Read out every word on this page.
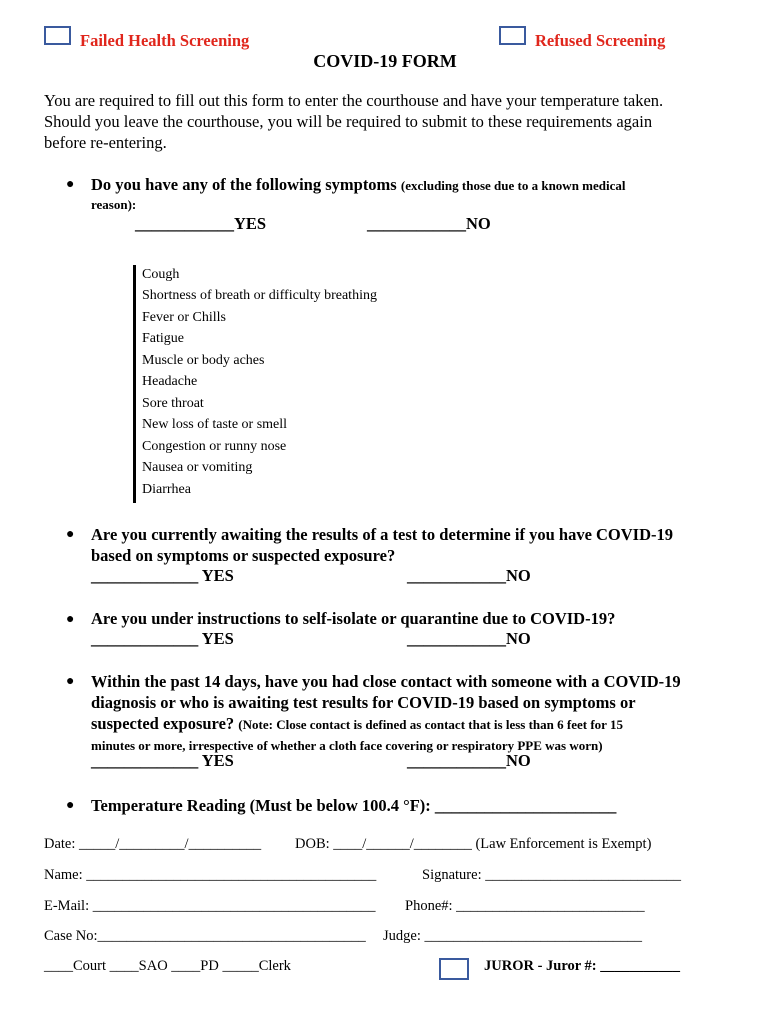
Failed Health Screening	Refused Screening
COVID-19 FORM
You are required to fill out this form to enter the courthouse and have your temperature taken.
Should you leave the courthouse, you will be required to submit to these requirements again
before re-entering.
● Do you have any of the following symptoms (excluding those due to a known medical
reason):
____________YES	____________NO
Cough
Shortness of breath or difficulty breathing
Fever or Chills
Fatigue
Muscle or body aches
Headache
Sore throat
New loss of taste or smell
Congestion or runny nose
Nausea or vomiting
Diarrhea
● Are you currently awaiting the results of a test to determine if you have COVID-19
based on symptoms or suspected exposure?
_____________ YES	____________NO
● Are you under instructions to self-isolate or quarantine due to COVID-19?
_____________ YES	____________NO
● Within the past 14 days, have you had close contact with someone with a COVID-19
diagnosis or who is awaiting test results for COVID-19 based on symptoms or
suspected exposure? (Note: Close contact is defined as contact that is less than 6 feet for 15
minutes or more, irrespective of whether a cloth face covering or respiratory PPE was worn)
_____________ YES	____________NO
● Temperature Reading (Must be below 100.4 °F): ______________________
Date: _____/_________/__________ DOB: ____/______/________ (Law Enforcement is Exempt)
Name: ________________________________________	Signature: ___________________________
E-Mail: _______________________________________ Phone#: __________________________
Case No:_____________________________________ Judge: ______________________________
____Court ____SAO ____PD _____Clerk	JUROR - Juror #: ___________
